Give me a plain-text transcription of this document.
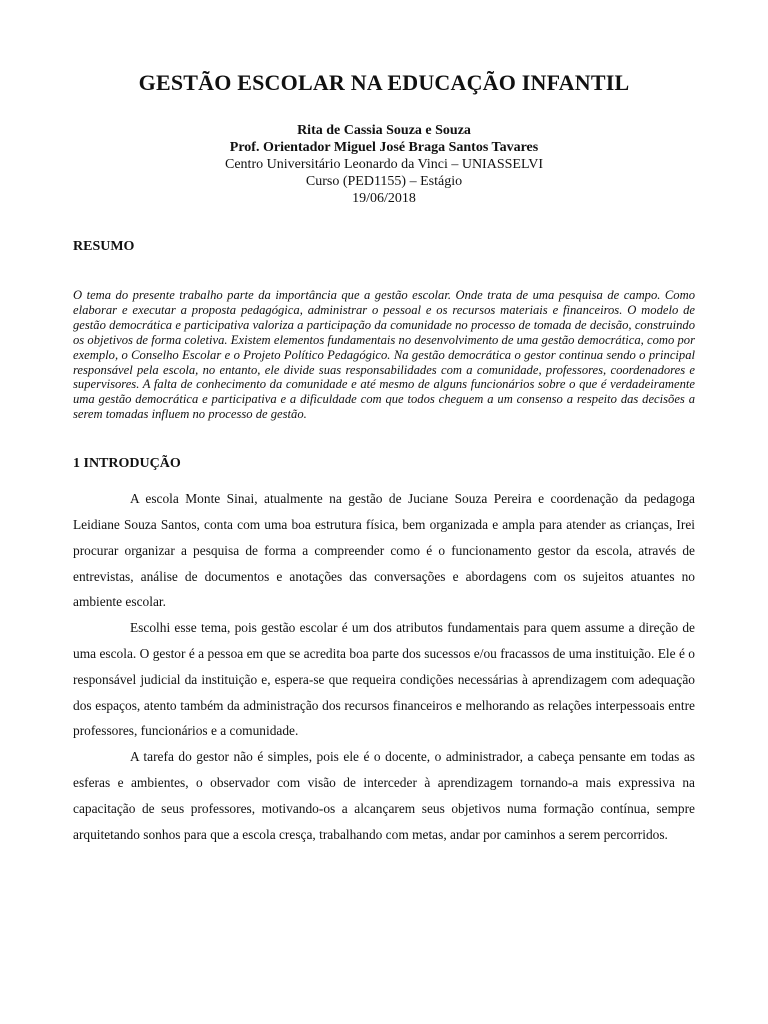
GESTÃO ESCOLAR NA EDUCAÇÃO INFANTIL
Rita de Cassia Souza e Souza
Prof. Orientador Miguel José Braga Santos Tavares
Centro Universitário Leonardo da Vinci – UNIASSELVI
Curso (PED1155) – Estágio
19/06/2018
RESUMO

O tema do presente trabalho parte da importância que a gestão escolar. Onde trata de uma pesquisa de campo. Como elaborar e executar a proposta pedagógica, administrar o pessoal e os recursos materiais e financeiros. O modelo de gestão democrática e participativa valoriza a participação da comunidade no processo de tomada de decisão, construindo os objetivos de forma coletiva. Existem elementos fundamentais no desenvolvimento de uma gestão democrática, como por exemplo, o Conselho Escolar e o Projeto Político Pedagógico. Na gestão democrática o gestor continua sendo o principal responsável pela escola, no entanto, ele divide suas responsabilidades com a comunidade, professores, coordenadores e supervisores. A falta de conhecimento da comunidade e até mesmo de alguns funcionários sobre o que é verdadeiramente uma gestão democrática e participativa e a dificuldade com que todos cheguem a um consenso a respeito das decisões a serem tomadas influem no processo de gestão.

1 INTRODUÇÃO

A escola Monte Sinai, atualmente na gestão de Juciane Souza Pereira e coordenação da pedagoga Leidiane Souza Santos, conta com uma boa estrutura física, bem organizada e ampla para atender as crianças, Irei procurar organizar a pesquisa de forma a compreender como é o funcionamento gestor da escola, através de entrevistas, análise de documentos e anotações das conversações e abordagens com os sujeitos atuantes no ambiente escolar.

Escolhi esse tema, pois gestão escolar é um dos atributos fundamentais para quem assume a direção de uma escola. O gestor é a pessoa em que se acredita boa parte dos sucessos e/ou fracassos de uma instituição. Ele é o responsável judicial da instituição e, espera-se que requeira condições necessárias à aprendizagem com adequação dos espaços, atento também da administração dos recursos financeiros e melhorando as relações interpessoais entre professores, funcionários e a comunidade.

A tarefa do gestor não é simples, pois ele é o docente, o administrador, a cabeça pensante em todas as esferas e ambientes, o observador com visão de interceder à aprendizagem tornando-a mais expressiva na capacitação de seus professores, motivando-os a alcançarem seus objetivos numa formação contínua, sempre arquitetando sonhos para que a escola cresça, trabalhando com metas, andar por caminhos a serem percorridos.
